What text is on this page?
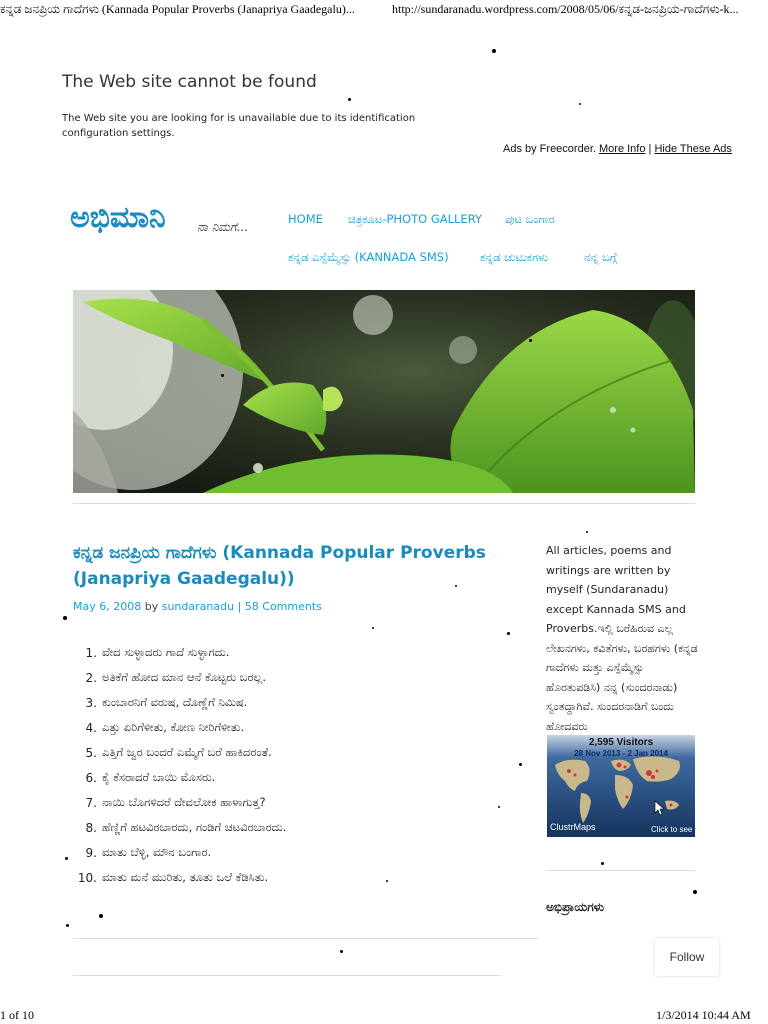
ಕನ್ನಡ ಜನಪ್ರಿಯ ಗಾದೆಗಳು (Kannada Popular Proverbs (Janapriya Gaadegalu)...	http://sundaranadu.wordpress.com/2008/05/06/ಕನ್ನಡ-ಜನಪ್ರಿಯ-ಗಾದೆಗಳು-k...
The Web site cannot be found
The Web site you are looking for is unavailable due to its identification configuration settings.
Ads by Freecorder. More Info | Hide These Ads
ಅಭಿಮಾನಿ	ನಾ ನಿಮಗೆ...
HOME ಚಿತ್ರಕೂಟ-PHOTO GALLERY ಪುಟ ಬಂಗಾರ
ಕನ್ನಡ ಎಸ್ಸೆಮ್ಮೆಸ್ಸು (KANNADA SMS)	ಕನ್ನಡ ಚುಟುಕಗಳು	ನನ್ನ ಬಗ್ಗೆ
ಕನ್ನಡ ಜನಪ್ರಿಯ ಗಾದೆಗಳು (Kannada Popular Proverbs (Janapriya Gaadegalu))
May 6, 2008 by sundaranadu | 58 Comments
1. ವೇದ ಸುಳ್ಳಾದರು ಗಾದೆ ಸುಳ್ಳಾಗದು.
2. ಅತಿಕೆಗೆ ಹೋದ ಮಾನ ಆನೆ ಕೊಟ್ಟರು ಬರಲ್ಲ.
3. ಕುಂಬಾರನಿಗೆ ವರುಷ, ದೊಣ್ಣೆಗೆ ನಿಮಿಷ.
4. ಎತ್ತು ಏರಿಗೆಳೀತು, ಕೋಣ ನೀರಿಗೆಳೀತು.
5. ಎತ್ತಿಗೆ ಜ್ವರ ಬಂದರೆ ಎಮ್ಮೆಗೆ ಬರೆ ಹಾಕಿದರಂತೆ.
6. ಕೈ ಕೆಸರಾದರೆ ಬಾಯಿ ಮೊಸರು.
7. ನಾಯಿ ಬೊಗಳಿದರೆ ದೇವಲೋಕ ಹಾಳಾಗುತ್ತ?
8. ಹೆಣ್ಣಿಗೆ ಹಟವಿರಬಾರದು, ಗಂಡಿಗೆ ಚಟವಿರಬಾರದು.
9. ಮಾತು ಬೆಳ್ಳಿ, ಮೌನ ಬಂಗಾರ.
10. ಮಾತು ಮನೆ ಮುರಿತು, ತೂತು ಒಲೆ ಕೆಡಿಸಿತು.
All articles, poems and writings are written by myself (Sundaranadu) except Kannada SMS and Proverbs.ಇಲ್ಲಿ ಬರೆಹಿರುವ ಎಲ್ಲ ಲೇಖನಗಳು, ಕವಿತೆಗಳು, ಬರಹಗಳು (ಕನ್ನಡ ಗಾದೆಗಳು ಮತ್ತು ಎಸ್ಸೆಮ್ಮೆಸ್ಸು ಹೊರತುಪಡಿಸಿ) ನನ್ನ (ಸುಂದರನಾಡು) ಸ್ವಂತದ್ದಾಗಿವೆ. ಸುಂದರನಾಡಿಗೆ ಬಂದು ಹೋದವರು
2,595 Visitors
28 Nov 2013 - 2 Jan 2014
ClustrMaps	Click to see
ಅಭಿಪ್ರಾಯಗಳು
Follow
1 of 10	1/3/2014 10:44 AM
